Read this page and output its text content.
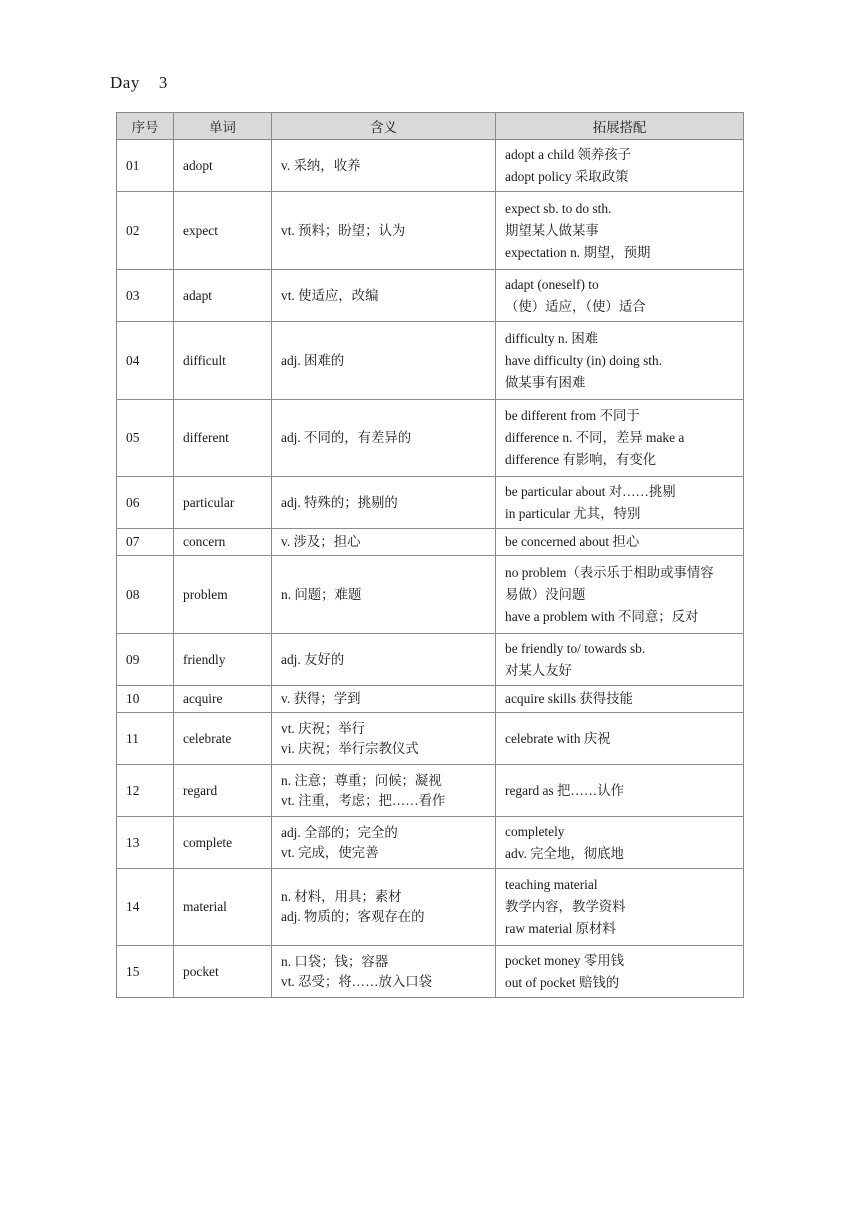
Day    3
序号	单词	含义	拓展搭配
01	adopt	v. 采纳，收养	adopt a child 领养孩子
adopt policy 采取政策

02	expect	vt. 预料；盼望；认为	expect sb. to do sth.
期望某人做某事
expectation n. 期望，预期

03	adapt	vt. 使适应，改编	adapt (oneself) to
（使）适应，（使）适合

04	difficult	adj. 困难的	difficulty n. 困难
have difficulty (in) doing sth.
做某事有困难

05	different	adj. 不同的，有差异的	be different from 不同于
difference n. 不同，差异 make a
difference 有影响，有变化

06	particular	adj. 特殊的；挑剔的	be particular about 对……挑剔
in particular 尤其，特别

07	concern	v. 涉及；担心	be concerned about 担心

08	problem	n. 问题；难题	no problem（表示乐于相助或事情容
易做）没问题
have a problem with 不同意；反对

09	friendly	adj. 友好的	be friendly to/ towards sb.
对某人友好

10	acquire	v. 获得；学到	acquire skills 获得技能

11	celebrate	vt. 庆祝；举行
vi. 庆祝；举行宗教仪式	celebrate with 庆祝

12	regard	n. 注意；尊重；问候；凝视
vt. 注重，考虑；把……看作	regard as 把……认作

13	complete	adj. 全部的；完全的
vt. 完成，使完善	completely
adv. 完全地，彻底地

14	material	n. 材料，用具；素材
adj. 物质的；客观存在的	teaching material
教学内容，教学资料
raw material 原材料

15	pocket	n. 口袋；钱；容器
vt. 忍受；将……放入口袋	pocket money 零用钱
out of pocket 赔钱的
